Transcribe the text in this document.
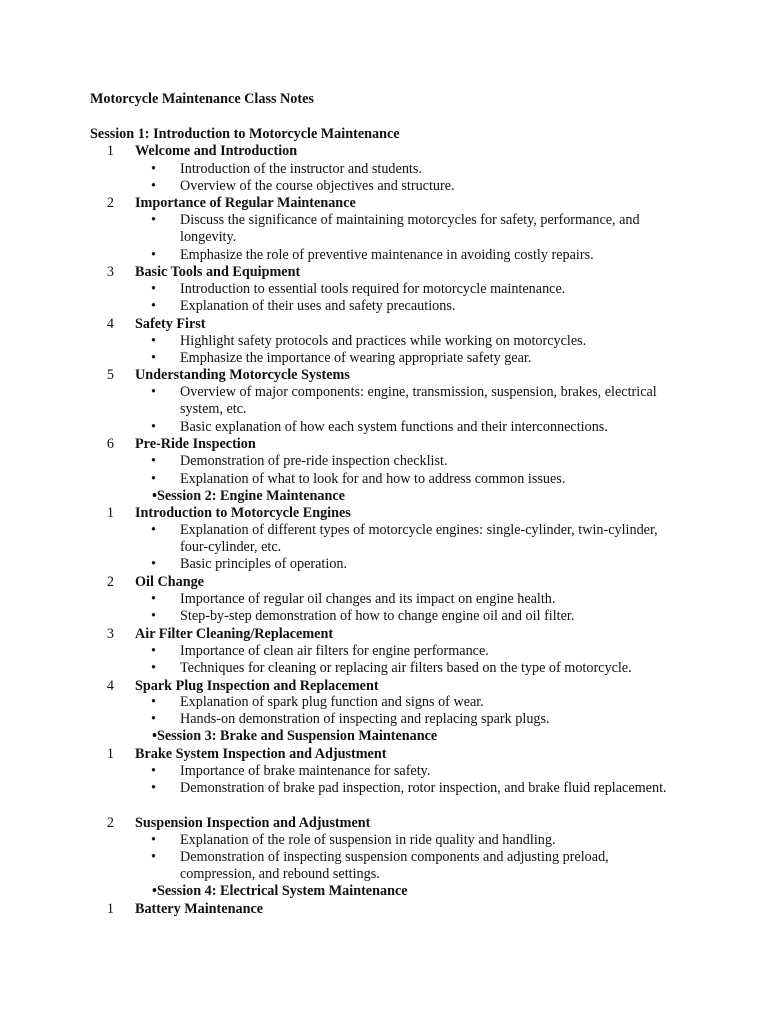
Motorcycle Maintenance Class Notes

Session 1: Introduction to Motorcycle Maintenance

1 Welcome and Introduction
• Introduction of the instructor and students.
• Overview of the course objectives and structure.
2 Importance of Regular Maintenance
• Discuss the significance of maintaining motorcycles for safety, performance, and longevity.
• Emphasize the role of preventive maintenance in avoiding costly repairs.
3 Basic Tools and Equipment
• Introduction to essential tools required for motorcycle maintenance.
• Explanation of their uses and safety precautions.
4 Safety First
• Highlight safety protocols and practices while working on motorcycles.
• Emphasize the importance of wearing appropriate safety gear.
5 Understanding Motorcycle Systems
• Overview of major components: engine, transmission, suspension, brakes, electrical system, etc.
• Basic explanation of how each system functions and their interconnections.
6 Pre-Ride Inspection
• Demonstration of pre-ride inspection checklist.
• Explanation of what to look for and how to address common issues.

•Session 2: Engine Maintenance

1 Introduction to Motorcycle Engines
• Explanation of different types of motorcycle engines: single-cylinder, twin-cylinder, four-cylinder, etc.
• Basic principles of operation.
2 Oil Change
• Importance of regular oil changes and its impact on engine health.
• Step-by-step demonstration of how to change engine oil and oil filter.
3 Air Filter Cleaning/Replacement
• Importance of clean air filters for engine performance.
• Techniques for cleaning or replacing air filters based on the type of motorcycle.
4 Spark Plug Inspection and Replacement
• Explanation of spark plug function and signs of wear.
• Hands-on demonstration of inspecting and replacing spark plugs.

•Session 3: Brake and Suspension Maintenance

1 Brake System Inspection and Adjustment
• Importance of brake maintenance for safety.
• Demonstration of brake pad inspection, rotor inspection, and brake fluid replacement.
2 Suspension Inspection and Adjustment
• Explanation of the role of suspension in ride quality and handling.
• Demonstration of inspecting suspension components and adjusting preload, compression, and rebound settings.

•Session 4: Electrical System Maintenance

1 Battery Maintenance
